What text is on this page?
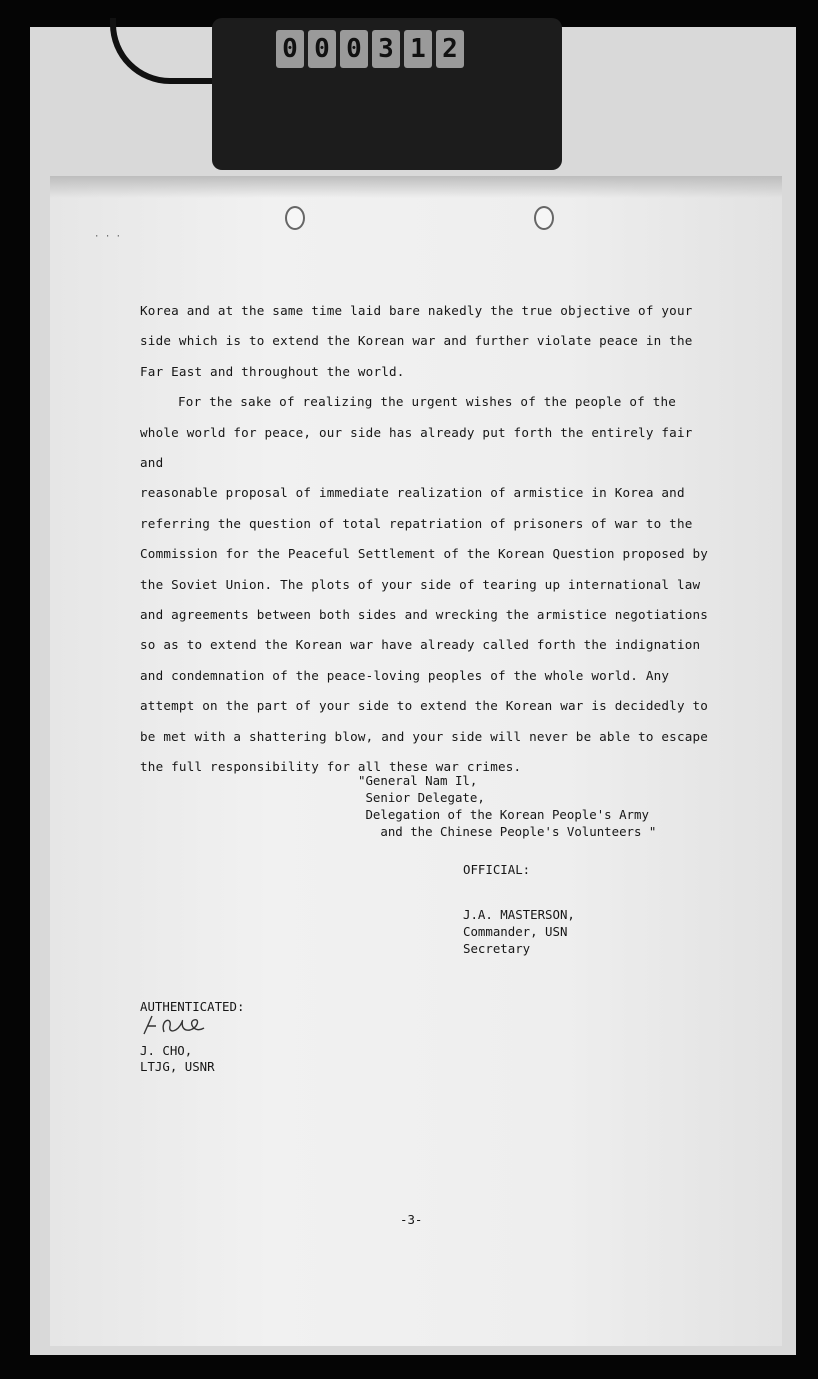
0 0 0 3 1 2
· · ·

Korea and at the same time laid bare nakedly the true objective of your

side which is to extend the Korean war and further violate peace in the

Far East and throughout the world.

For the sake of realizing the urgent wishes of the people of the

whole world for peace, our side has already put forth the entirely fair and

reasonable proposal of immediate realization of armistice in Korea and

referring the question of total repatriation of prisoners of war to the

Commission for the Peaceful Settlement of the Korean Question proposed by

the Soviet Union. The plots of your side of tearing up international law

and agreements between both sides and wrecking the armistice negotiations

so as to extend the Korean war have already called forth the indignation

and condemnation of the peace-loving peoples of the whole world. Any

attempt on the part of your side to extend the Korean war is decidedly to

be met with a shattering blow, and your side will never be able to escape

the full responsibility for all these war crimes.

"General Nam Il,
Senior Delegate,
Delegation of the Korean People's Army
and the Chinese People's Volunteers "
OFFICIAL:
J.A. MASTERSON,
Commander, USN
Secretary
AUTHENTICATED:
J. CHO,
LTJG, USNR
-3-
